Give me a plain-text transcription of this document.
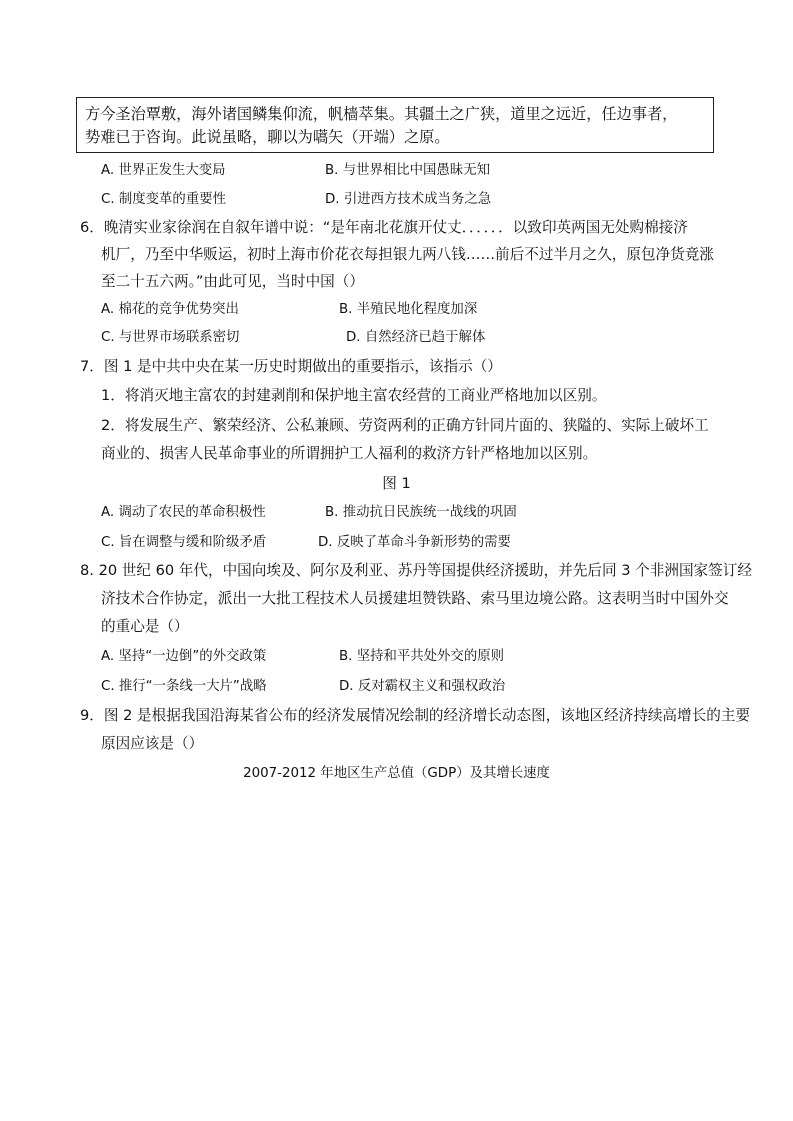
方今圣治覃敷，海外诸国鳞集仰流，帆樯萃集。其疆土之广狭，道里之远近，任边事者，
势难已于咨询。此说虽略，聊以为嚆矢（开端）之原。
A. 世界正发生大变局	B. 与世界相比中国愚昧无知
C. 制度变革的重要性	D. 引进西方技术成当务之急
6．晚清实业家徐润在自叙年谱中说：“是年南北花旗开仗丈．．．．．．以致印英两国无处购棉接济
机厂，乃至中华贩运，初时上海市价花衣每担银九两八钱……前后不过半月之久，原包净货竟涨
至二十五六两。”由此可见，当时中国（）
A. 棉花的竞争优势突出	B. 半殖民地化程度加深
C. 与世界市场联系密切	D. 自然经济已趋于解体
7．图 1 是中共中央在某一历史时期做出的重要指示，该指示（）
1．将消灭地主富农的封建剥削和保护地主富农经营的工商业严格地加以区别。
2．将发展生产、繁荣经济、公私兼顾、劳资两利的正确方针同片面的、狭隘的、实际上破坏工
商业的、损害人民革命事业的所谓拥护工人福利的救济方针严格地加以区别。
图 1
A. 调动了农民的革命积极性	B. 推动抗日民族统一战线的巩固
C. 旨在调整与缓和阶级矛盾	D. 反映了革命斗争新形势的需要
8. 20 世纪 60 年代，中国向埃及、阿尔及利亚、苏丹等国提供经济援助，并先后同 3 个非洲国家签订经
济技术合作协定，派出一大批工程技术人员援建坦赞铁路、索马里边境公路。这表明当时中国外交
的重心是（）
A. 坚持“一边倒”的外交政策	B. 坚持和平共处外交的原则
C. 推行“一条线一大片”战略	D. 反对霸权主义和强权政治
9．图 2 是根据我国沿海某省公布的经济发展情况绘制的经济增长动态图，该地区经济持续高增长的主要
原因应该是（）
2007-2012 年地区生产总值（GDP）及其增长速度
